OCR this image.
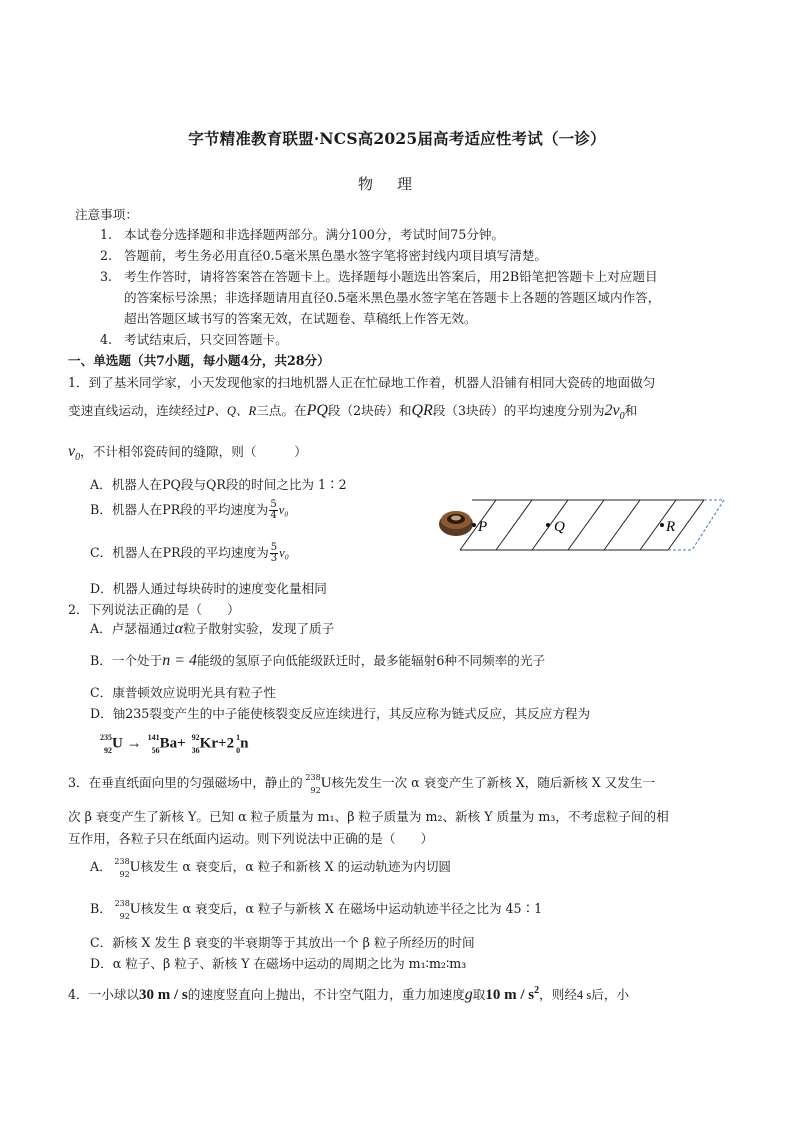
字节精准教育联盟·NCS高2025届高考适应性考试（一诊）
物理
注意事项：
1. 本试卷分选择题和非选择题两部分。满分100分，考试时间75分钟。
2. 答题前，考生务必用直径0.5毫米黑色墨水签字笔将密封线内项目填写清楚。
3. 考生作答时，请将答案答在答题卡上。选择题每小题选出答案后，用2B铅笔把答题卡上对应题目
的答案标号涂黑；非选择题请用直径0.5毫米黑色墨水签字笔在答题卡上各题的答题区域内作答，
超出答题区域书写的答案无效，在试题卷、草稿纸上作答无效。
4. 考试结束后，只交回答题卡。
一、单选题（共7小题，每小题4分，共28分）
1．到了基米同学家，小天发现他家的扫地机器人正在忙碌地工作着，机器人沿铺有相同大瓷砖的地面做匀
变速直线运动，连续经过P、Q、R三点。在PQ段（2块砖）和QR段（3块砖）的平均速度分别为$2v_0$和
$v_0$，不计相邻瓷砖间的缝隙，则（　　　）
A．机器人在PQ段与QR段的时间之比为 1∶2
B．机器人在PR段的平均速度为 $\frac{5}{4} v_0$
C．机器人在PR段的平均速度为 $\frac{5}{3} v_0$
D．机器人通过每块砖时的速度变化量相同
P	Q	R
2．下列说法正确的是（　　）
A．卢瑟福通过α粒子散射实验，发现了质子
B．一个处于n = 4能级的氢原子向低能级跃迁时，最多能辐射6种不同频率的光子
C．康普顿效应说明光具有粒子性
D．铀235裂变产生的中子能使核裂变反应连续进行，其反应称为链式反应，其反应方程为
235
92 U → 141
56 Ba+ 92
36 Kr+2 1
0 n
3．在垂直纸面向里的匀强磁场中，静止的 238
92 U核先发生一次 α 衰变产生了新核 X，随后新核 X 又发生一
次 β 衰变产生了新核 Y。已知 α 粒子质量为 m₁、β 粒子质量为 m₂、新核 Y 质量为 m₃，不考虑粒子间的相
互作用，各粒子只在纸面内运动。则下列说法中正确的是（　　）
A． 238
92 U核发生 α 衰变后，α 粒子和新核 X 的运动轨迹为内切圆
B． 238
92 U核发生 α 衰变后，α 粒子与新核 X 在磁场中运动轨迹半径之比为 45∶1
C．新核 X 发生 β 衰变的半衰期等于其放出一个 β 粒子所经历的时间
D．α 粒子、β 粒子、新核 Y 在磁场中运动的周期之比为 m₁∶m₂∶m₃
4．一小球以30 m / s的速度竖直向上抛出，不计空气阻力，重力加速度g取10 m / $s^2$，则经4 s后，小
